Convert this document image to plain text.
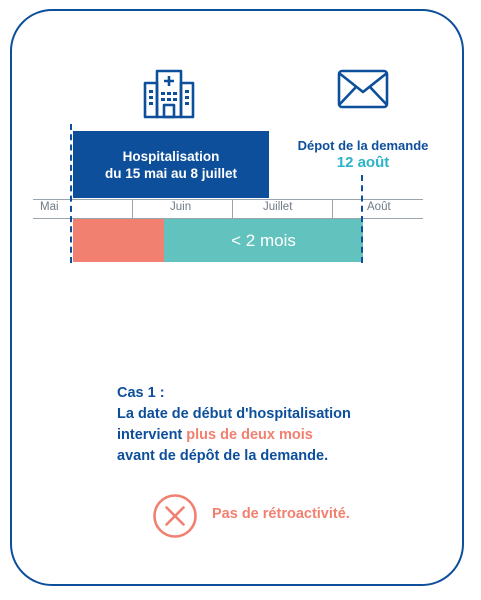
Hospitalisation
du 15 mai au 8 juillet
Dépot de la demande
12 août
Mai	Juin	Juillet	Août
< 2 mois
Cas 1 :
La date de début d'hospitalisation
intervient plus de deux mois
avant de dépôt de la demande.
Pas de rétroactivité.
